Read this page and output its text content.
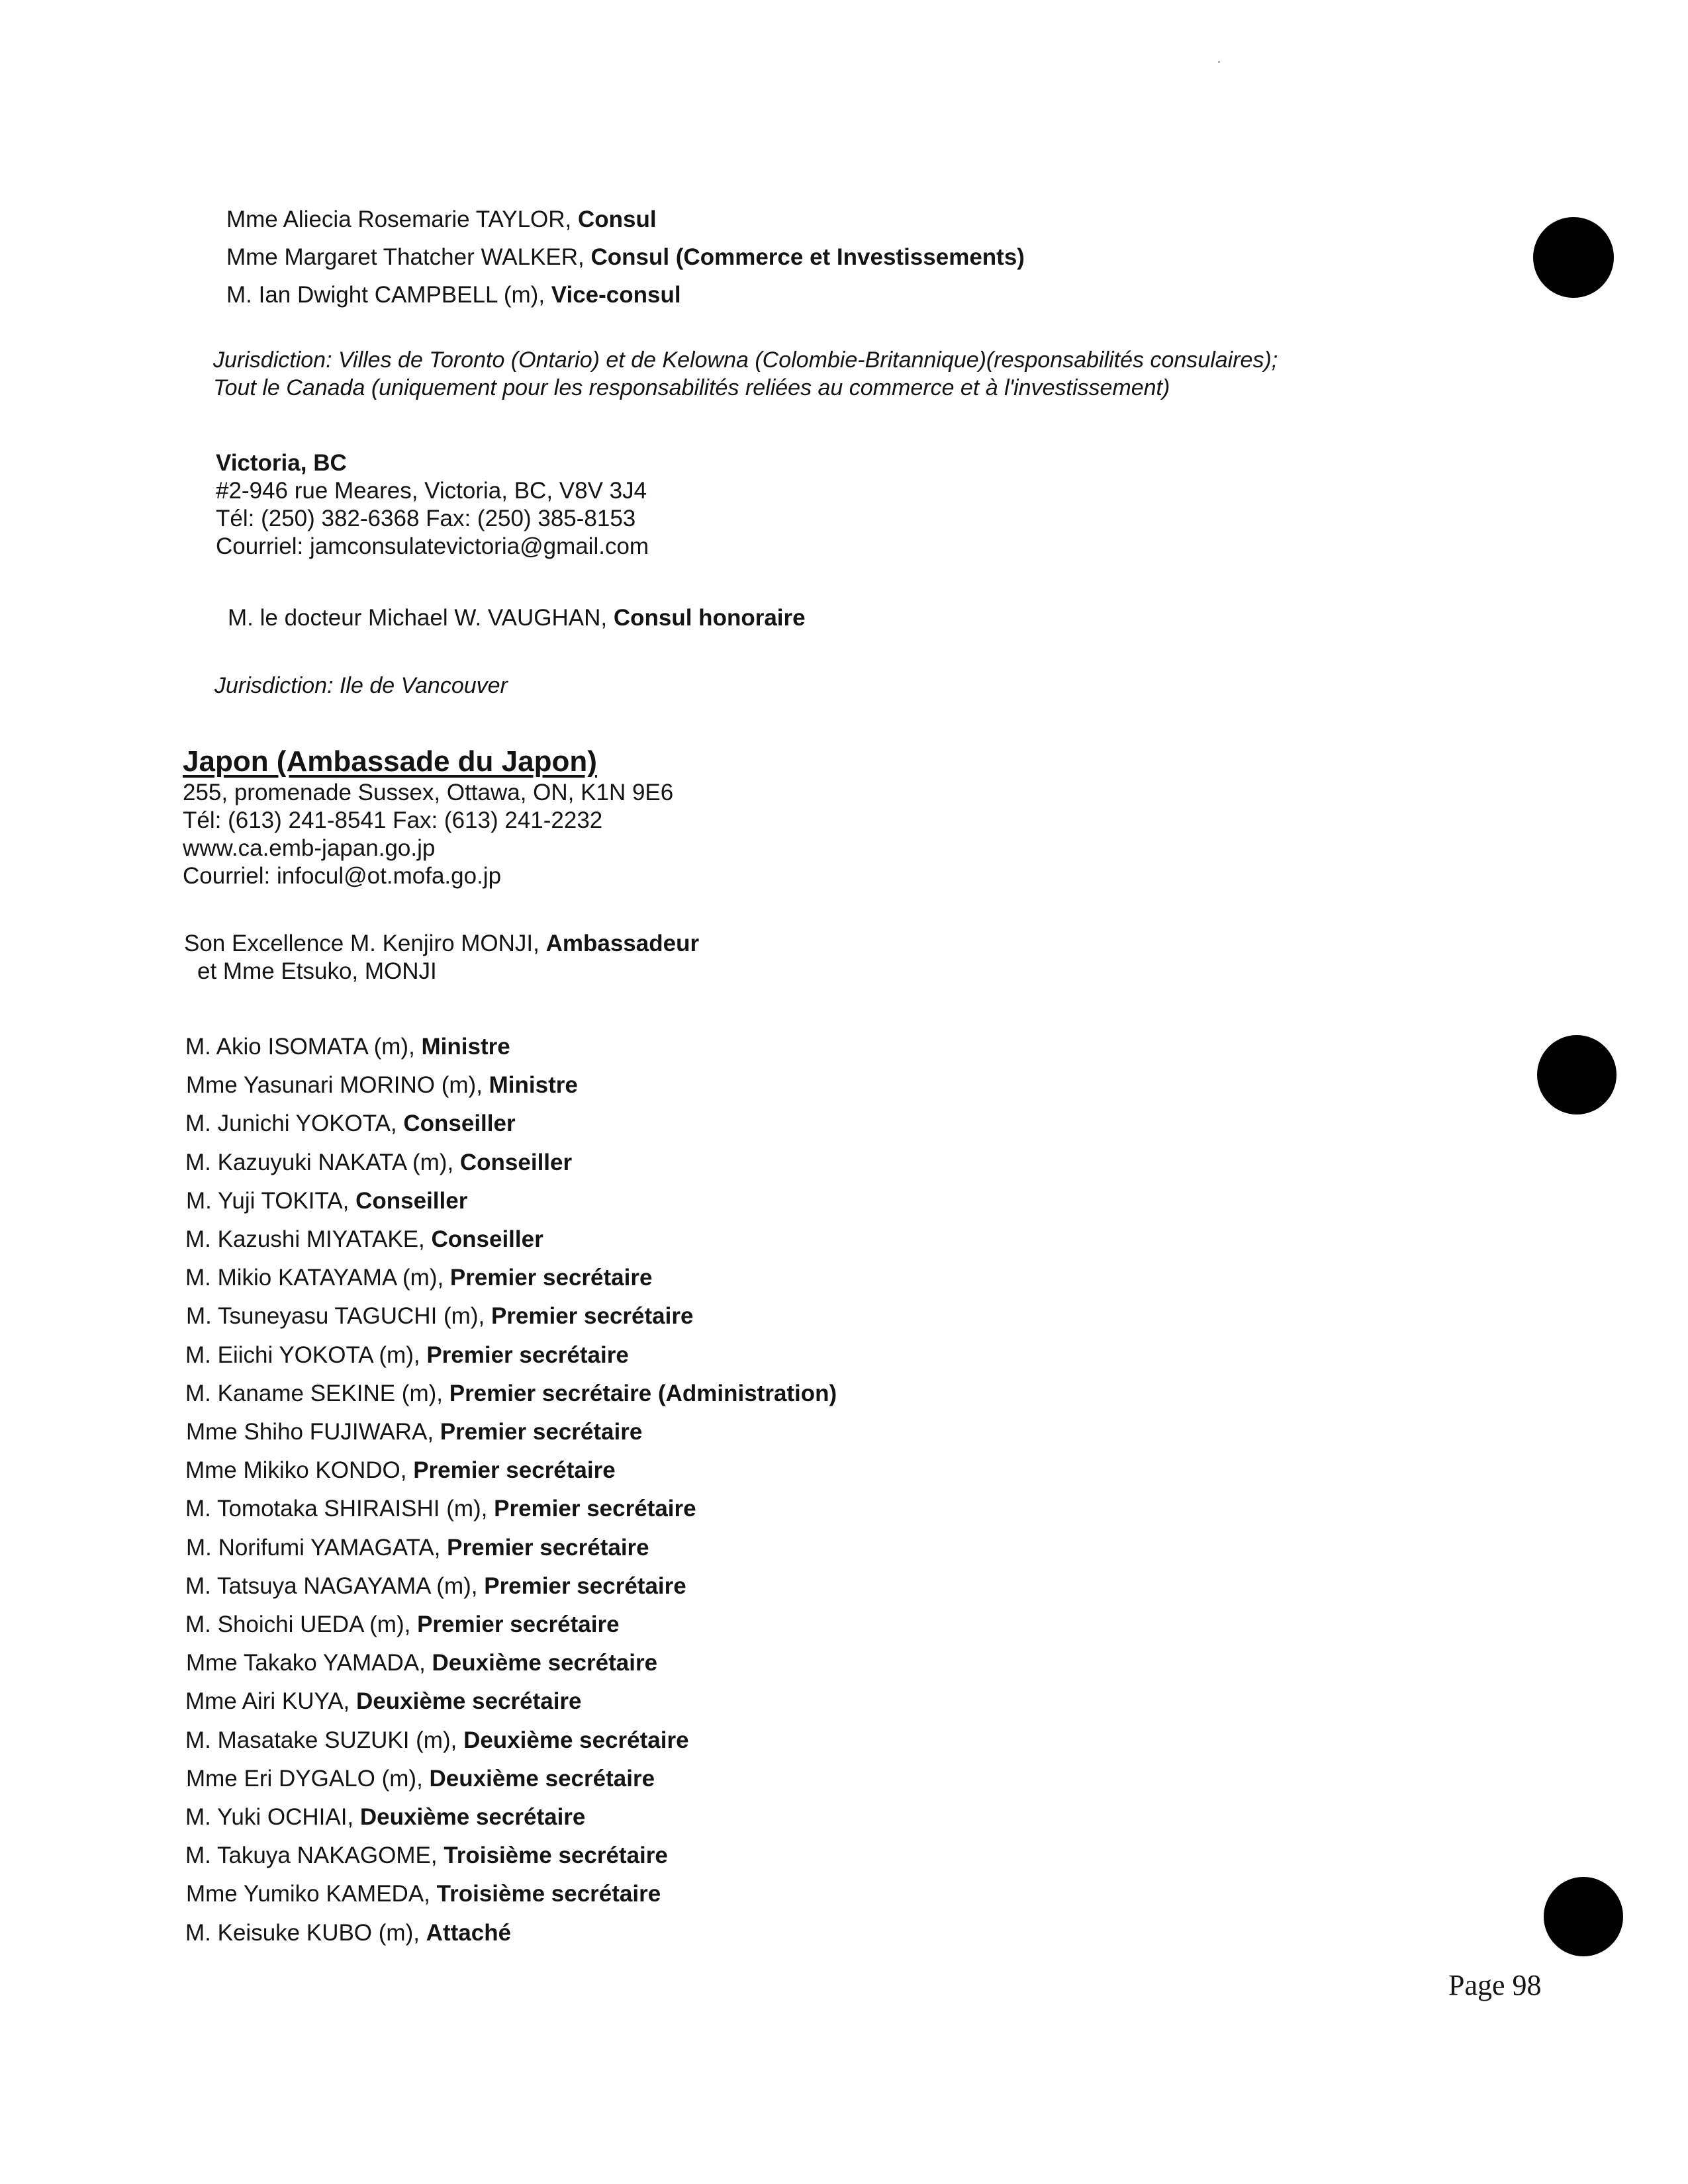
Mme Aliecia Rosemarie TAYLOR, Consul
Mme Margaret Thatcher WALKER, Consul (Commerce et Investissements)
M. Ian Dwight CAMPBELL (m), Vice-consul
Jurisdiction: Villes de Toronto (Ontario) et de Kelowna (Colombie-Britannique)(responsabilités consulaires);
Tout le Canada (uniquement pour les responsabilités reliées au commerce et à l'investissement)
Victoria, BC
#2-946 rue Meares, Victoria, BC, V8V 3J4
Tél: (250) 382-6368 Fax: (250) 385-8153
Courriel: jamconsulatevictoria@gmail.com
M. le docteur Michael W. VAUGHAN, Consul honoraire
Jurisdiction: Ile de Vancouver
Japon (Ambassade du Japon)
255, promenade Sussex, Ottawa, ON, K1N 9E6
Tél: (613) 241-8541 Fax: (613) 241-2232
www.ca.emb-japan.go.jp
Courriel: infocul@ot.mofa.go.jp
Son Excellence M. Kenjiro MONJI, Ambassadeur
et Mme Etsuko, MONJI
M. Akio ISOMATA (m), Ministre
Mme Yasunari MORINO (m), Ministre
M. Junichi YOKOTA, Conseiller
M. Kazuyuki NAKATA (m), Conseiller
M. Yuji TOKITA, Conseiller
M. Kazushi MIYATAKE, Conseiller
M. Mikio KATAYAMA (m), Premier secrétaire
M. Tsuneyasu TAGUCHI (m), Premier secrétaire
M. Eiichi YOKOTA (m), Premier secrétaire
M. Kaname SEKINE (m), Premier secrétaire (Administration)
Mme Shiho FUJIWARA, Premier secrétaire
Mme Mikiko KONDO, Premier secrétaire
M. Tomotaka SHIRAISHI (m), Premier secrétaire
M. Norifumi YAMAGATA, Premier secrétaire
M. Tatsuya NAGAYAMA (m), Premier secrétaire
M. Shoichi UEDA (m), Premier secrétaire
Mme Takako YAMADA, Deuxième secrétaire
Mme Airi KUYA, Deuxième secrétaire
M. Masatake SUZUKI (m), Deuxième secrétaire
Mme Eri DYGALO (m), Deuxième secrétaire
M. Yuki OCHIAI, Deuxième secrétaire
M. Takuya NAKAGOME, Troisième secrétaire
Mme Yumiko KAMEDA, Troisième secrétaire
M. Keisuke KUBO (m), Attaché
Page 98
